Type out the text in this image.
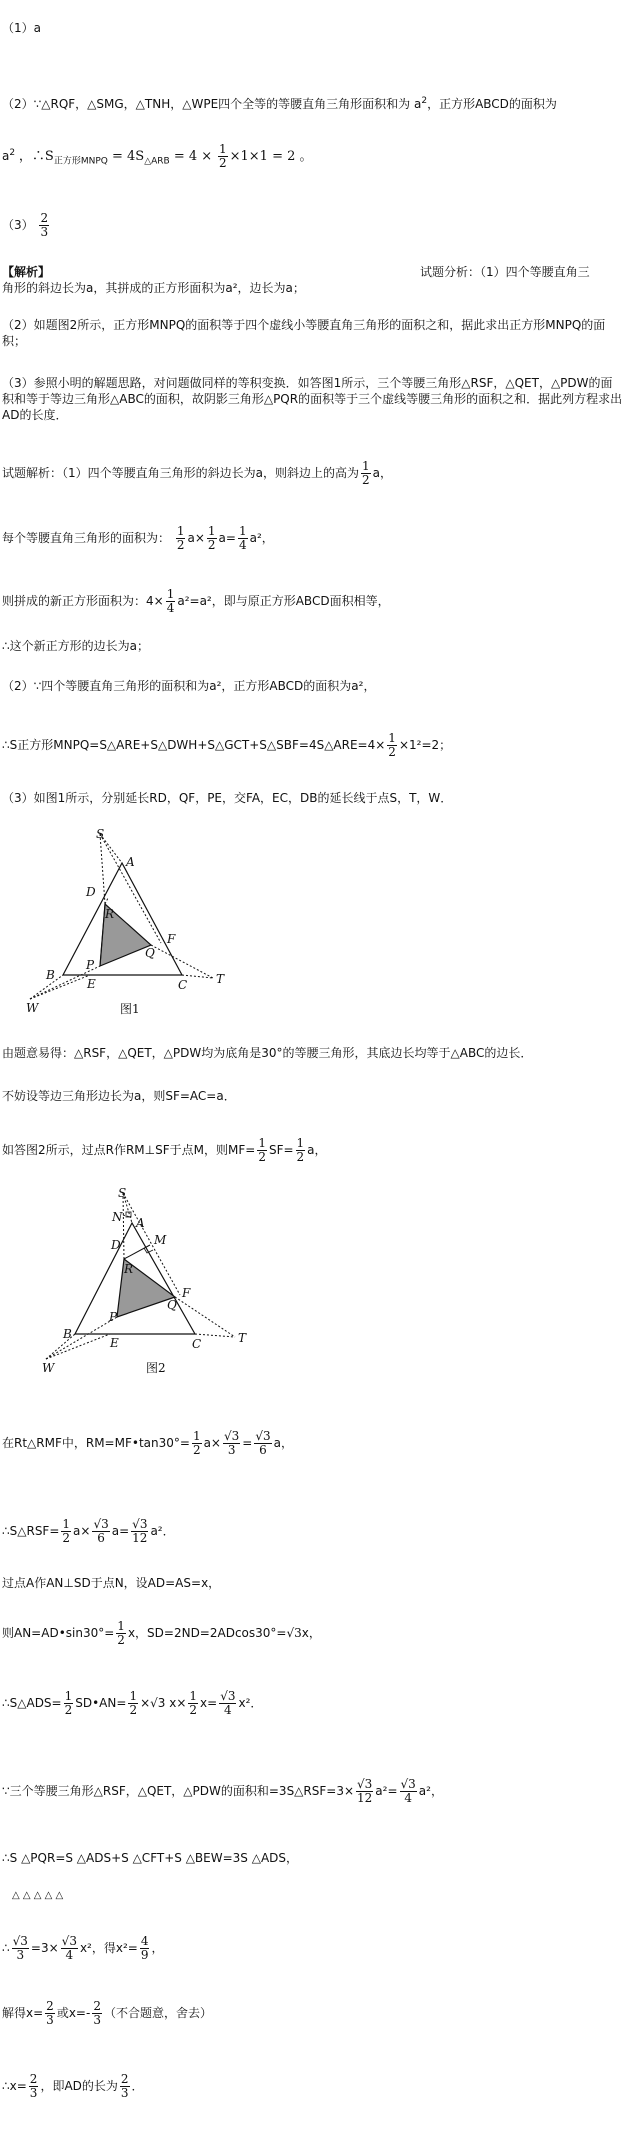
（1）a
（2）∵△RQF，△SMG，△TNH，△WPE四个全等的等腰直角三角形面积和为 $a^2$，正方形ABCD的面积为
$a^2$ ，$\therefore S_{正方形MNPQ} = 4S_{\triangle ARB} = 4 \times \frac{1}{2} \times 1\times 1 = 2$ 。
$(3) \frac{2}{3}$
【解析】	试题分析：（1）四个等腰直角三
角形的斜边长为a，其拼成的正方形面积为a²，边长为a；
（2）如题图2所示，正方形MNPQ的面积等于四个虚线小等腰直角三角形的面积之和，据此求出正方形MNPQ的面积；
（3）参照小明的解题思路，对问题做同样的等积变换．如答图1所示，三个等腰三角形△RSF，△QET，△PDW的面积和等于等边三角形△ABC的面积，故阴影三角形△PQR的面积等于三个虚线等腰三角形的面积之和．据此列方程求出AD的长度．
试题解析：（1）四个等腰直角三角形的斜边长为a，则斜边上的高为 $\frac{1}{2}$ a，
每个等腰直角三角形的面积为： $\frac{1}{2} a\times \frac{1}{2} a= \frac{1}{4} a^2$，
则拼成的新正方形面积为：$4\times \frac{1}{4} a^2=a^2$，即与原正方形ABCD面积相等，
∴这个新正方形的边长为a；
（2）∵四个等腰直角三角形的面积和为a²，正方形ABCD的面积为a²，
∴S正方形MNPQ=S△ARE+S△DWH+S△GCT+S△SBF=4S△ARE=4× $\frac{1}{2} \times 1^2=2$；
（3）如图1所示，分别延长RD，QF，PE，交FA，EC，DB的延长线于点S，T，W．
S
A
D
R
F
Q
P
B
E	C T
W	图1
由题意易得：△RSF，△QET，△PDW均为底角是30°的等腰三角形，其底边长均等于△ABC的边长．
不妨设等边三角形边长为a，则SF=AC=a．
如答图2所示，过点R作RM⊥SF于点M，则$MF= \frac{1}{2} SF= \frac{1}{2}$ a，
S
A
N
M
D
R
F
Q
P
B
E	C	T
W	图2
在Rt△RMF中，RM=MF•tan30°= $\frac{1}{2} a\times \frac{√3}{3} = \frac{√3}{6}$ a，
∴S△RSF= $\frac{1}{2} a\times \frac{√3}{6} a= \frac{√3}{12} a^2$．
过点A作AN⊥SD于点N，设AD=AS=x，
则AN=AD•sin30°= $\frac{1}{2}$ x，SD=2ND=2ADcos30°=√3x，
∴S△ADS= $\frac{1}{2}$ SD•AN= $\frac{1}{2} \times√3$ $x\times \frac{1}{2} x= \frac{√3}{4} x^2$．
∵三个等腰三角形△RSF，△QET，△PDW的面积和=3S△RSF=3× $\frac{√3}{12} a^2= \frac{√3}{4} a^2$，
∴S △PQR=S △ADS+S △CFT+S △BEW=3S △ADS，
△ △ △ △ △
∴ $\frac{√3}{3} =3\times \frac{√3}{4} x^2$，得$x^2= \frac{4}{9}$ ，
解得$x= \frac{2}{3}$ 或$x=- \frac{2}{3}$ （不合题意，舍去）
∴x= $\frac{2}{3}$ ，即AD的长为 $\frac{2}{3}$ ．
